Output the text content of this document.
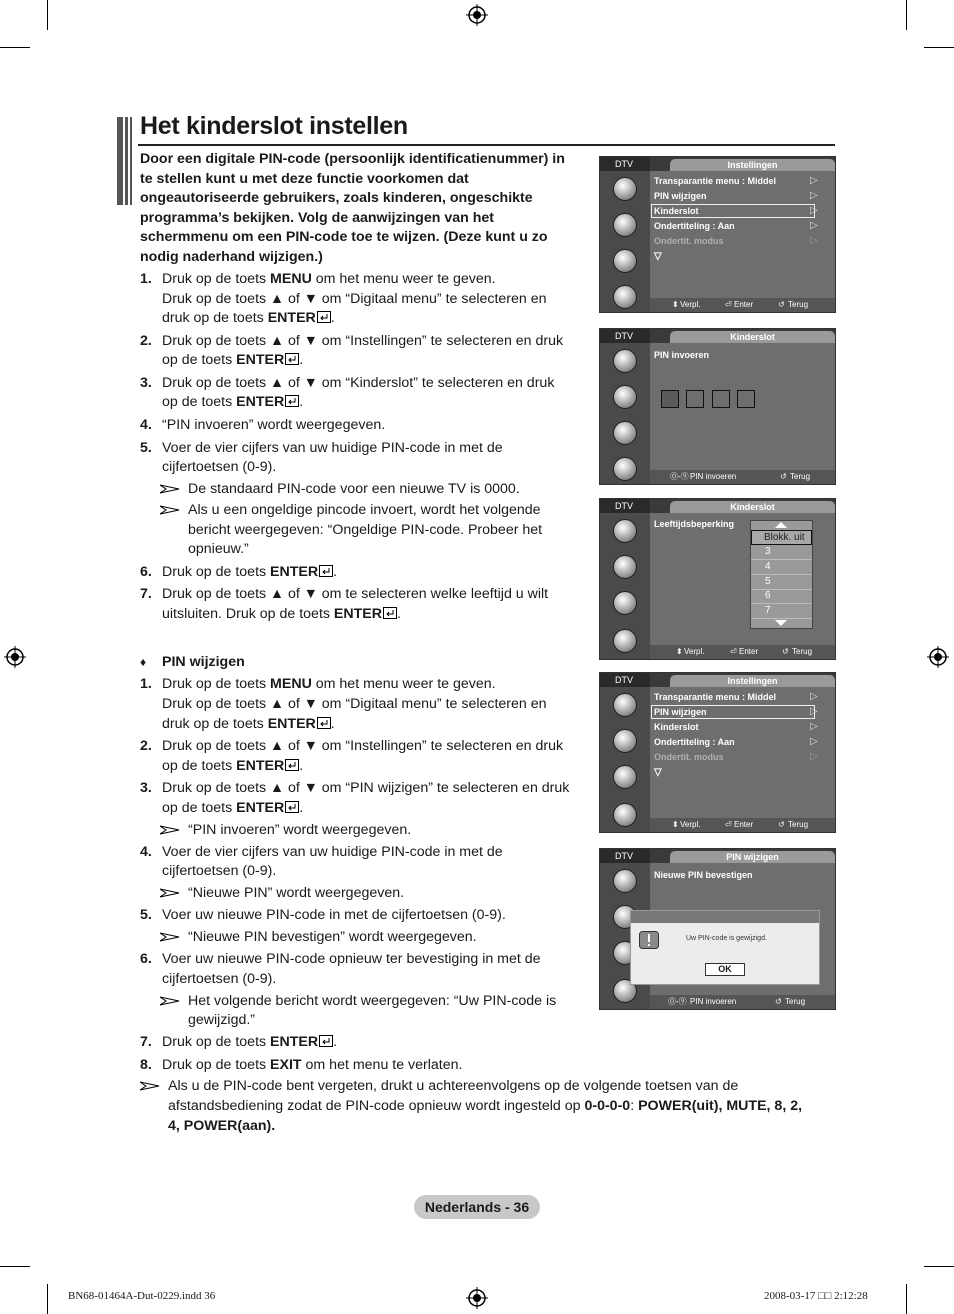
Het kinderslot instellen
Door een digitale PIN-code (persoonlijk identificatienummer) in te stellen kunt u met deze functie voorkomen dat ongeautoriseerde gebruikers, zoals kinderen, ongeschikte programma’s bekijken. Volg de aanwijzingen van het schermmenu om een PIN-code toe te wijzen. (Deze kunt u zo nodig naderhand wijzigen.)
1. Druk op de toets MENU om het menu weer te geven.
Druk op de toets ▲ of ▼ om “Digitaal menu” te selecteren en
druk op de toets ENTER .
2. Druk op de toets ▲ of ▼ om “Instellingen” te selecteren en druk
op de toets ENTER .
3. Druk op de toets ▲ of ▼ om “Kinderslot” te selecteren en druk
op de toets ENTER .
4. “PIN invoeren” wordt weergegeven.
5. Voer de vier cijfers van uw huidige PIN-code in met de
cijfertoetsen (0-9).
De standaard PIN-code voor een nieuwe TV is 0000.
Als u een ongeldige pincode invoert, wordt het volgende
bericht weergegeven: “Ongeldige PIN-code. Probeer het
opnieuw.”
6. Druk op de toets ENTER .
7. Druk op de toets ▲ of ▼ om te selecteren welke leeftijd u wilt
uitsluiten. Druk op de toets ENTER .
♦ PIN wijzigen
1. Druk op de toets MENU om het menu weer te geven.
Druk op de toets ▲ of ▼ om “Digitaal menu” te selecteren en
druk op de toets ENTER .
2. Druk op de toets ▲ of ▼ om “Instellingen” te selecteren en druk
op de toets ENTER .
3. Druk op de toets ▲ of ▼ om “PIN wijzigen” te selecteren en druk
op de toets ENTER .
“PIN invoeren” wordt weergegeven.
4. Voer de vier cijfers van uw huidige PIN-code in met de
cijfertoetsen (0-9).
“Nieuwe PIN” wordt weergegeven.
5. Voer uw nieuwe PIN-code in met de cijfertoetsen (0-9).
“Nieuwe PIN bevestigen” wordt weergegeven.
6. Voer uw nieuwe PIN-code opnieuw ter bevestiging in met de
cijfertoetsen (0-9).
Het volgende bericht wordt weergegeven: “Uw PIN-code is
gewijzigd.”
7. Druk op de toets ENTER .
8. Druk op de toets EXIT om het menu te verlaten.
Als u de PIN-code bent vergeten, drukt u achtereenvolgens op de volgende toetsen van de
afstandsbediening zodat de PIN-code opnieuw wordt ingesteld op 0-0-0-0: POWER(uit), MUTE, 8, 2,
4, POWER(aan).
DTV	Instellingen
Transparantie menu : Middel
PIN wijzigen
Kinderslot
Ondertiteling : Aan
Ondertit. modus
▽
▷
▷
▷
▷
▷
⬍ Verpl.	⏎ Enter	↺ Terug
DTV	Kinderslot
PIN invoeren
⓪-⑨ PIN invoeren	↺ Terug
DTV	Kinderslot
Leeftijdsbeperking
⬍ Verpl.	⏎ Enter	↺ Terug
Blokk. uit
3
4
5
6
7
DTV	Instellingen
Transparantie menu : Middel
PIN wijzigen
Kinderslot
Ondertiteling : Aan
Ondertit. modus
▽
▷
▷
▷
▷
▷
⬍ Verpl.	⏎ Enter	↺ Terug
DTV	PIN wijzigen
Nieuwe PIN bevestigen
⓪-⑨ PIN invoeren	↺ Terug
Uw PIN-code is gewijzigd.
OK
Nederlands - 36
BN68-01464A-Dut-0229.indd 36	2008-03-17 □□ 2:12:28
